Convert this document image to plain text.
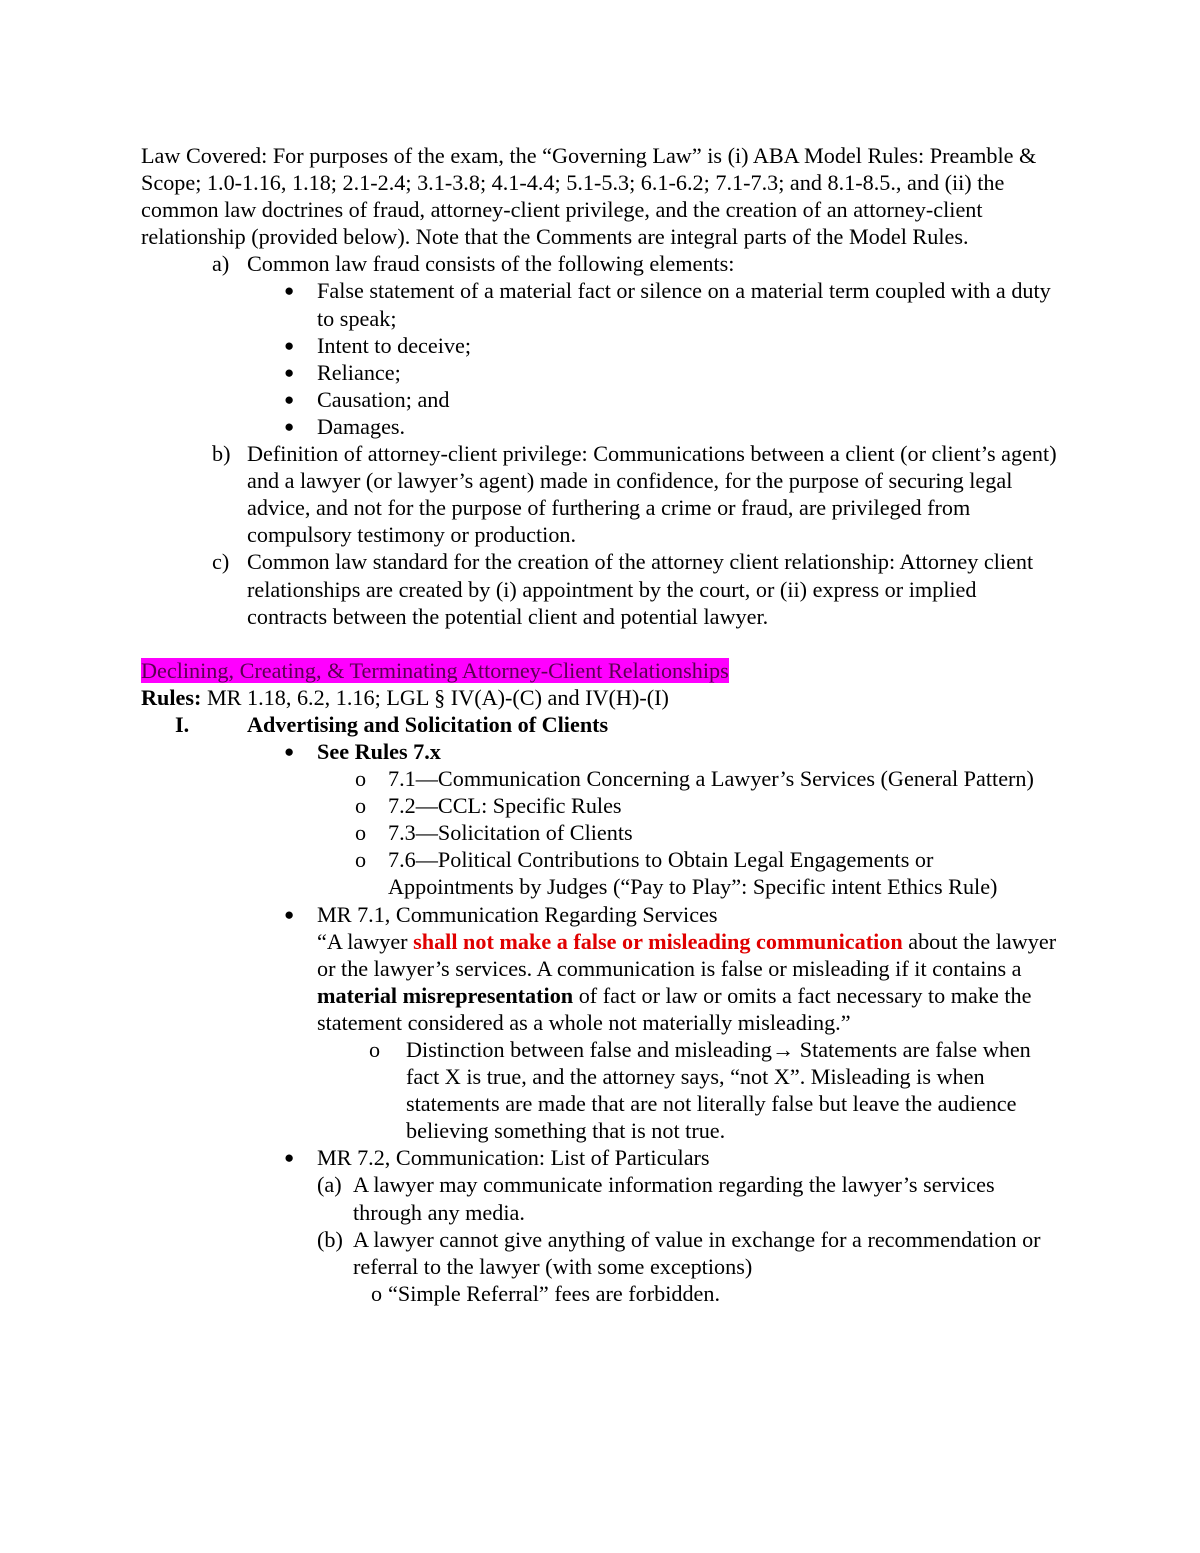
Law Covered: For purposes of the exam, the “Governing Law” is (i) ABA Model Rules: Preamble & Scope; 1.0-1.16, 1.18; 2.1-2.4; 3.1-3.8; 4.1-4.4; 5.1-5.3; 6.1-6.2; 7.1-7.3; and 8.1-8.5., and (ii) the common law doctrines of fraud, attorney-client privilege, and the creation of an attorney-client relationship (provided below). Note that the Comments are integral parts of the Model Rules.

a) Common law fraud consists of the following elements:
● False statement of a material fact or silence on a material term coupled with a duty to speak;
● Intent to deceive;
● Reliance;
● Causation; and
● Damages.
b) Definition of attorney-client privilege: Communications between a client (or client’s agent) and a lawyer (or lawyer’s agent) made in confidence, for the purpose of securing legal advice, and not for the purpose of furthering a crime or fraud, are privileged from compulsory testimony or production.
c) Common law standard for the creation of the attorney client relationship: Attorney client relationships are created by (i) appointment by the court, or (ii) express or implied contracts between the potential client and potential lawyer.

Declining, Creating, & Terminating Attorney-Client Relationships

Rules: MR 1.18, 6.2, 1.16; LGL § IV(A)-(C) and IV(H)-(I)

I.	Advertising and Solicitation of Clients
● See Rules 7.x
o 7.1—Communication Concerning a Lawyer’s Services (General Pattern)
o 7.2—CCL: Specific Rules
o 7.3—Solicitation of Clients
o 7.6—Political Contributions to Obtain Legal Engagements or Appointments by Judges (“Pay to Play”: Specific intent Ethics Rule)
● MR 7.1, Communication Regarding Services
“A lawyer shall not make a false or misleading communication about the lawyer or the lawyer’s services. A communication is false or misleading if it contains a material misrepresentation of fact or law or omits a fact necessary to make the statement considered as a whole not materially misleading.”
o Distinction between false and misleading→ Statements are false when fact X is true, and the attorney says, “not X”. Misleading is when statements are made that are not literally false but leave the audience believing something that is not true.
● MR 7.2, Communication: List of Particulars
(a) A lawyer may communicate information regarding the lawyer’s services through any media.
(b) A lawyer cannot give anything of value in exchange for a recommendation or referral to the lawyer (with some exceptions)
o “Simple Referral” fees are forbidden.
